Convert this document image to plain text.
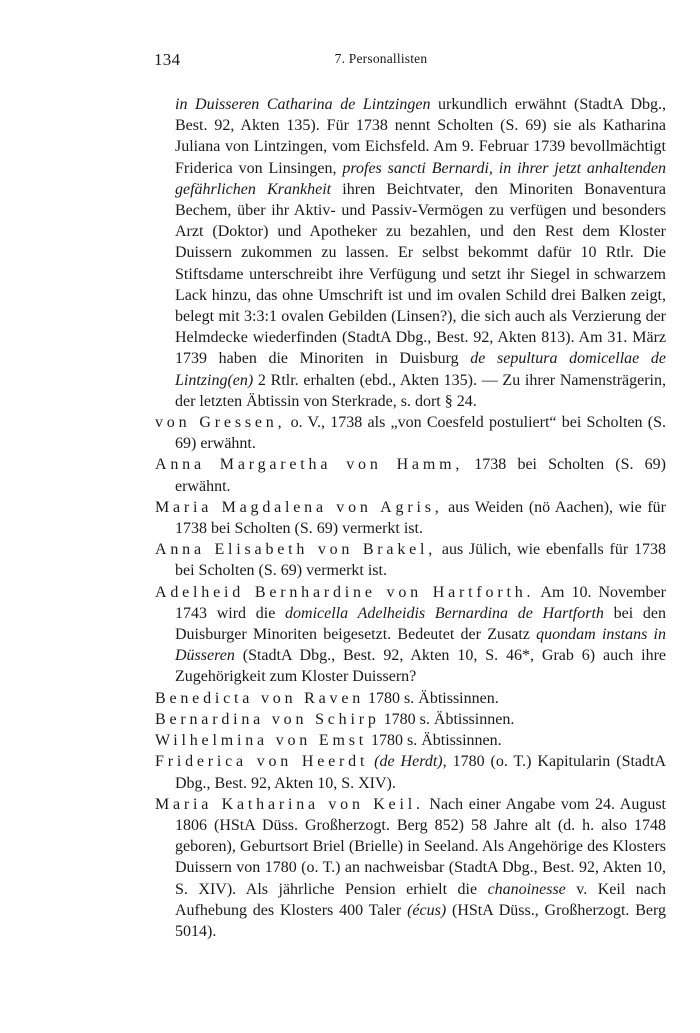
134	7. Personallisten

in Duisseren Catharina de Lintzingen urkundlich erwähnt (StadtA Dbg., Best. 92, Akten 135). Für 1738 nennt Scholten (S. 69) sie als Katharina Juliana von Lintzingen, vom Eichsfeld. Am 9. Februar 1739 bevollmächtigt Friderica von Linsingen, profes sancti Bernardi, in ihrer jetzt anhaltenden gefährlichen Krankheit ihren Beichtvater, den Minoriten Bonaventura Bechem, über ihr Aktiv- und Passiv-Vermögen zu verfügen und besonders Arzt (Doktor) und Apotheker zu bezahlen, und den Rest dem Kloster Duissern zukommen zu lassen. Er selbst bekommt dafür 10 Rtlr. Die Stiftsdame unterschreibt ihre Verfügung und setzt ihr Siegel in schwarzem Lack hinzu, das ohne Umschrift ist und im ovalen Schild drei Balken zeigt, belegt mit 3:3:1 ovalen Gebilden (Linsen?), die sich auch als Verzierung der Helmdecke wiederfinden (StadtA Dbg., Best. 92, Akten 813). Am 31. März 1739 haben die Minoriten in Duisburg de sepultura domicellae de Lintzing(en) 2 Rtlr. erhalten (ebd., Akten 135). — Zu ihrer Namensträgerin, der letzten Äbtissin von Sterkrade, s. dort § 24.

von Gressen, o. V., 1738 als „von Coesfeld postuliert“ bei Scholten (S. 69) erwähnt.

Anna Margaretha von Hamm, 1738 bei Scholten (S. 69) erwähnt.

Maria Magdalena von Agris, aus Weiden (nö Aachen), wie für 1738 bei Scholten (S. 69) vermerkt ist.

Anna Elisabeth von Brakel, aus Jülich, wie ebenfalls für 1738 bei Scholten (S. 69) vermerkt ist.

Adelheid Bernhardine von Hartforth. Am 10. November 1743 wird die domicella Adelheidis Bernardina de Hartforth bei den Duisburger Minoriten beigesetzt. Bedeutet der Zusatz quondam instans in Düsseren (StadtA Dbg., Best. 92, Akten 10, S. 46*, Grab 6) auch ihre Zugehörigkeit zum Kloster Duissern?

Benedicta von Raven 1780 s. Äbtissinnen.

Bernardina von Schirp 1780 s. Äbtissinnen.

Wilhelmina von Emst 1780 s. Äbtissinnen.

Friderica von Heerdt (de Herdt), 1780 (o. T.) Kapitularin (StadtA Dbg., Best. 92, Akten 10, S. XIV).

Maria Katharina von Keil. Nach einer Angabe vom 24. August 1806 (HStA Düss. Großherzogt. Berg 852) 58 Jahre alt (d. h. also 1748 geboren), Geburtsort Briel (Brielle) in Seeland. Als Angehörige des Klosters Duissern von 1780 (o. T.) an nachweisbar (StadtA Dbg., Best. 92, Akten 10, S. XIV). Als jährliche Pension erhielt die chanoinesse v. Keil nach Aufhebung des Klosters 400 Taler (écus) (HStA Düss., Großherzogt. Berg 5014).
